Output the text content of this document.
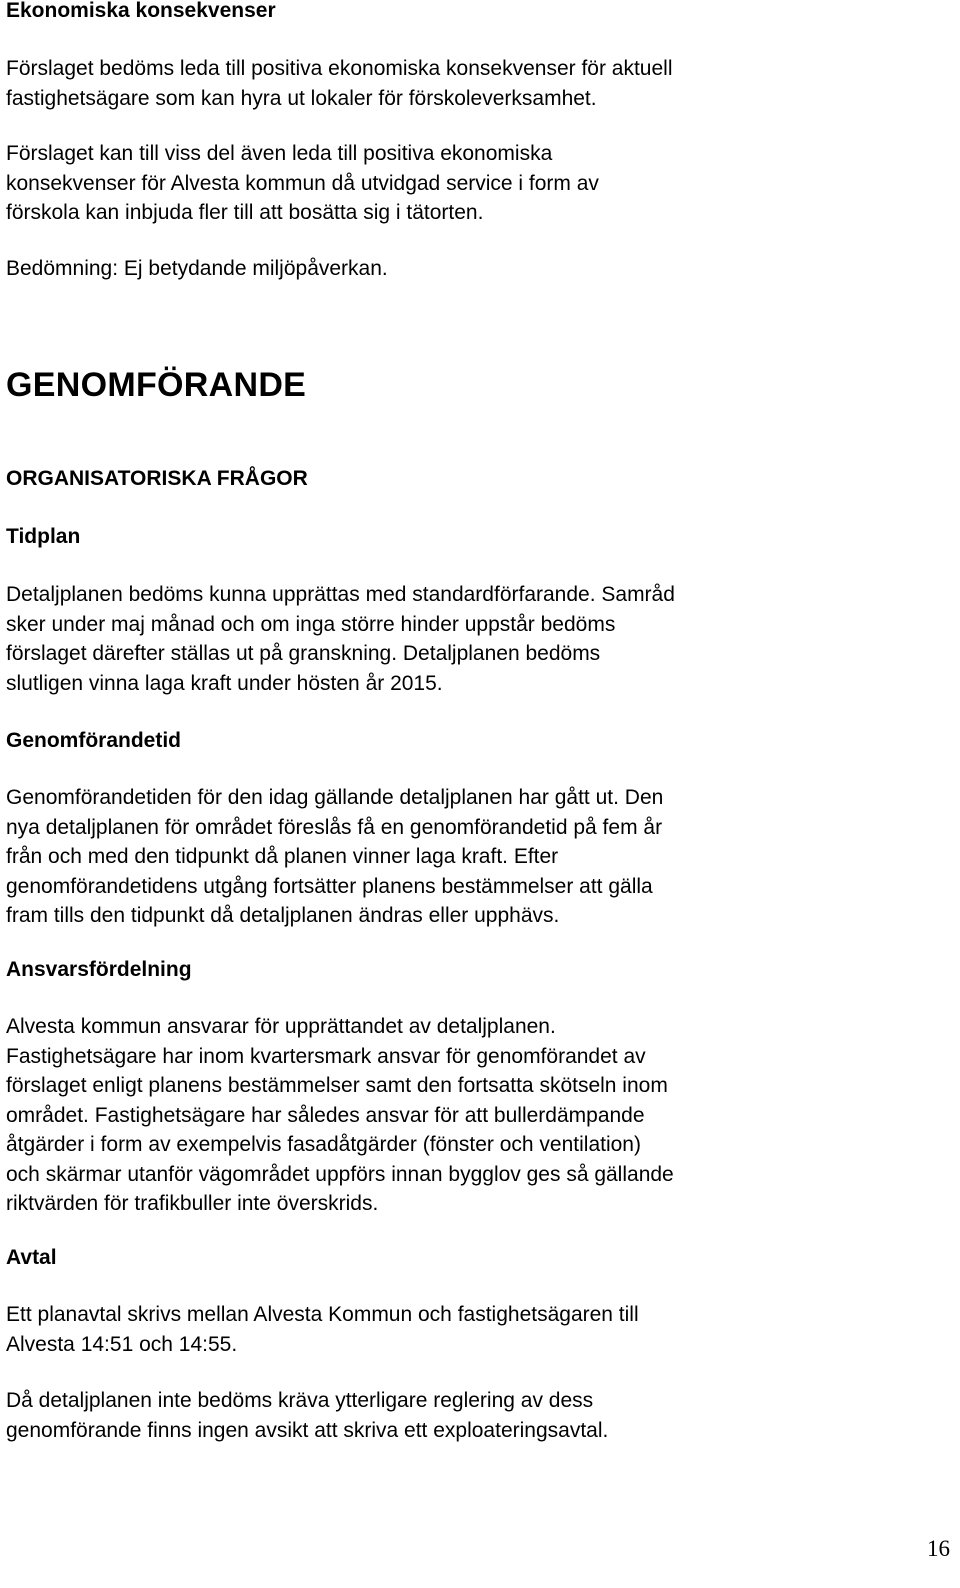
Ekonomiska konsekvenser

Förslaget bedöms leda till positiva ekonomiska konsekvenser för aktuell
fastighetsägare som kan hyra ut lokaler för förskoleverksamhet.

Förslaget kan till viss del även leda till positiva ekonomiska
konsekvenser för Alvesta kommun då utvidgad service i form av
förskola kan inbjuda fler till att bosätta sig i tätorten.

Bedömning: Ej betydande miljöpåverkan.

GENOMFÖRANDE
ORGANISATORISKA FRÅGOR
Tidplan

Detaljplanen bedöms kunna upprättas med standardförfarande. Samråd
sker under maj månad och om inga större hinder uppstår bedöms
förslaget därefter ställas ut på granskning. Detaljplanen bedöms
slutligen vinna laga kraft under hösten år 2015.

Genomförandetid

Genomförandetiden för den idag gällande detaljplanen har gått ut. Den
nya detaljplanen för området föreslås få en genomförandetid på fem år
från och med den tidpunkt då planen vinner laga kraft. Efter
genomförandetidens utgång fortsätter planens bestämmelser att gälla
fram tills den tidpunkt då detaljplanen ändras eller upphävs.

Ansvarsfördelning

Alvesta kommun ansvarar för upprättandet av detaljplanen.
Fastighetsägare har inom kvartersmark ansvar för genomförandet av
förslaget enligt planens bestämmelser samt den fortsatta skötseln inom
området. Fastighetsägare har således ansvar för att bullerdämpande
åtgärder i form av exempelvis fasadåtgärder (fönster och ventilation)
och skärmar utanför vägområdet uppförs innan bygglov ges så gällande
riktvärden för trafikbuller inte överskrids.

Avtal

Ett planavtal skrivs mellan Alvesta Kommun och fastighetsägaren till
Alvesta 14:51 och 14:55.

Då detaljplanen inte bedöms kräva ytterligare reglering av dess
genomförande finns ingen avsikt att skriva ett exploateringsavtal.

16
